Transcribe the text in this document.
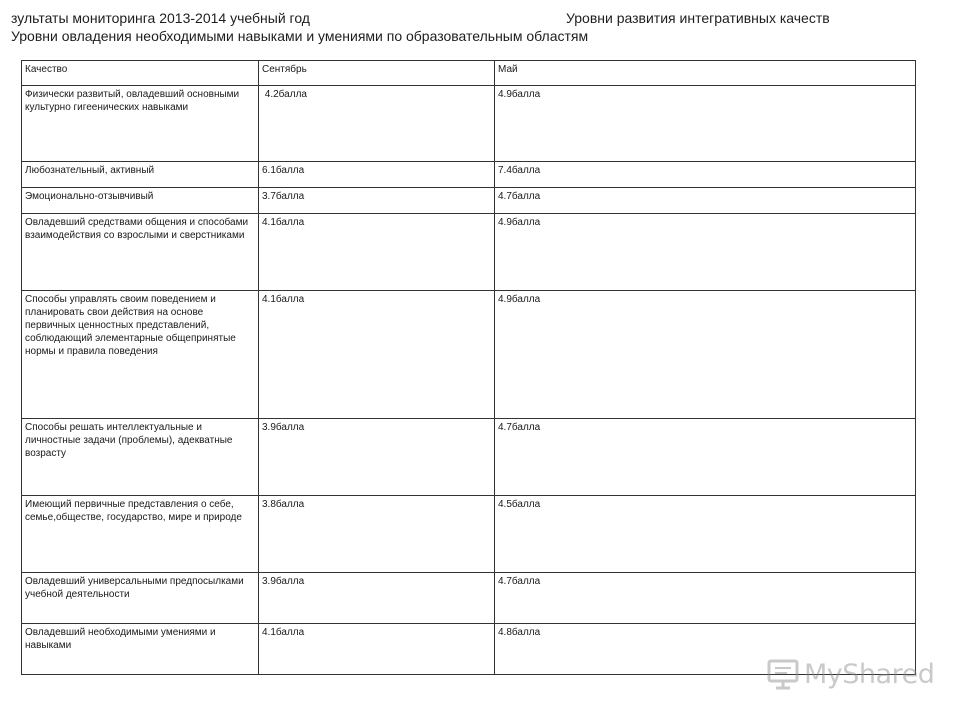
зультаты мониторинга 2013-2014 учебный год	Уровни развития интегративных качеств
Уровни овладения необходимыми навыками и умениями по образовательным областям
Качество	Сентябрь	Май
Физически развитый, овладевший основными культурно гигеенических навыками	4.2балла	4.9балла
Любознательный, активный	6.1балла	7.4балла
Эмоционально-отзывчивый	3.7балла	4.7балла
Овладевший средствами общения и способами взаимодействия со взрослыми и сверстниками	4.1балла	4.9балла
Способы управлять своим поведением и планировать свои действия на основе первичных ценностных представлений, соблюдающий элементарные общепринятые нормы и правила поведения	4.1балла	4.9балла
Способы решать интеллектуальные и личностные задачи (проблемы), адекватные возрасту	3.9балла	4.7балла
Имеющий первичные представления о себе, семье,обществе, государство, мире и природе	3.8балла	4.5балла
Овладевший универсальными предпосылками учебной деятельности	3.9балла	4.7балла
Овладевший необходимыми умениями и навыками	4.1балла	4.8балла
MyShared
